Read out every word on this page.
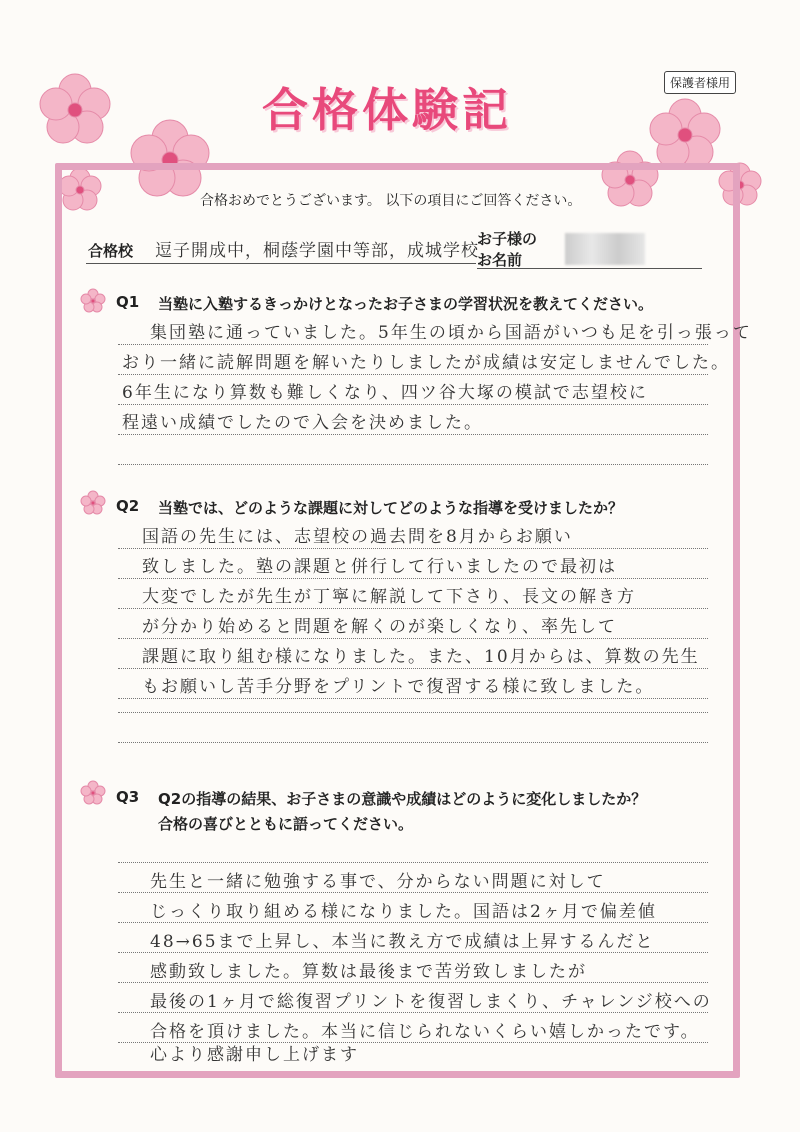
合格体験記	保護者様用
合格おめでとうございます。 以下の項目にご回答ください。
合格校 逗子開成中，桐蔭学園中等部，成城学校
お子様の
お名前
Q1 当塾に入塾するきっかけとなったお子さまの学習状況を教えてください。
集団塾に通っていました。5年生の頃から国語がいつも足を引っ張って
おり一緒に読解問題を解いたりしましたが成績は安定しませんでした。
6年生になり算数も難しくなり、四ツ谷大塚の模試で志望校に
程遠い成績でしたので入会を決めました。
Q2 当塾では、どのような課題に対してどのような指導を受けましたか？
国語の先生には、志望校の過去問を8月からお願い
致しました。塾の課題と併行して行いましたので最初は
大変でしたが先生が丁寧に解説して下さり、長文の解き方
が分かり始めると問題を解くのが楽しくなり、率先して
課題に取り組む様になりました。また、10月からは、算数の先生
もお願いし苦手分野をプリントで復習する様に致しました。
Q3 Q2の指導の結果、お子さまの意識や成績はどのように変化しましたか？
合格の喜びとともに語ってください。
先生と一緒に勉強する事で、分からない問題に対して
じっくり取り組める様になりました。国語は2ヶ月で偏差値
48→65まで上昇し、本当に教え方で成績は上昇するんだと
感動致しました。算数は最後まで苦労致しましたが
最後の1ヶ月で総復習プリントを復習しまくり、チャレンジ校への
合格を頂けました。本当に信じられないくらい嬉しかったです。
心より感謝申し上げます
